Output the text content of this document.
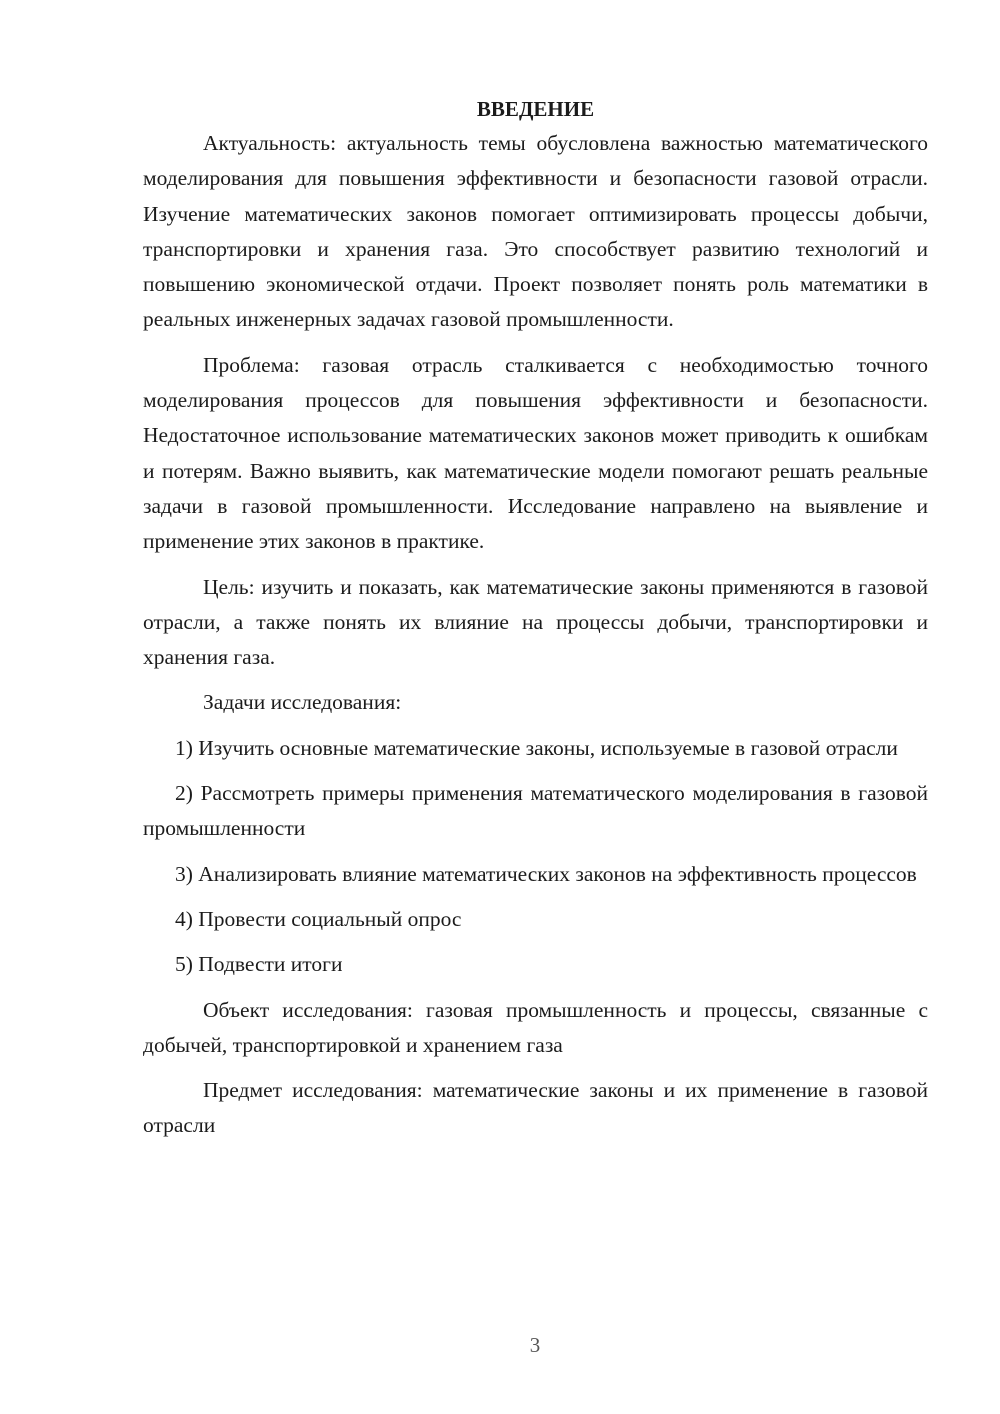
ВВЕДЕНИЕ

Актуальность: актуальность темы обусловлена важностью математического моделирования для повышения эффективности и безопасности газовой отрасли. Изучение математических законов помогает оптимизировать процессы добычи, транспортировки и хранения газа. Это способствует развитию технологий и повышению экономической отдачи. Проект позволяет понять роль математики в реальных инженерных задачах газовой промышленности.

Проблема: газовая отрасль сталкивается с необходимостью точного моделирования процессов для повышения эффективности и безопасности. Недостаточное использование математических законов может приводить к ошибкам и потерям. Важно выявить, как математические модели помогают решать реальные задачи в газовой промышленности. Исследование направлено на выявление и применение этих законов в практике.

Цель: изучить и показать, как математические законы применяются в газовой отрасли, а также понять их влияние на процессы добычи, транспортировки и хранения газа.

Задачи исследования:

1) Изучить основные математические законы, используемые в газовой отрасли

2) Рассмотреть примеры применения математического моделирования в газовой промышленности

3) Анализировать влияние математических законов на эффективность процессов

4) Провести социальный опрос

5) Подвести итоги

Объект исследования: газовая промышленность и процессы, связанные с добычей, транспортировкой и хранением газа

Предмет исследования: математические законы и их применение в газовой отрасли

3
